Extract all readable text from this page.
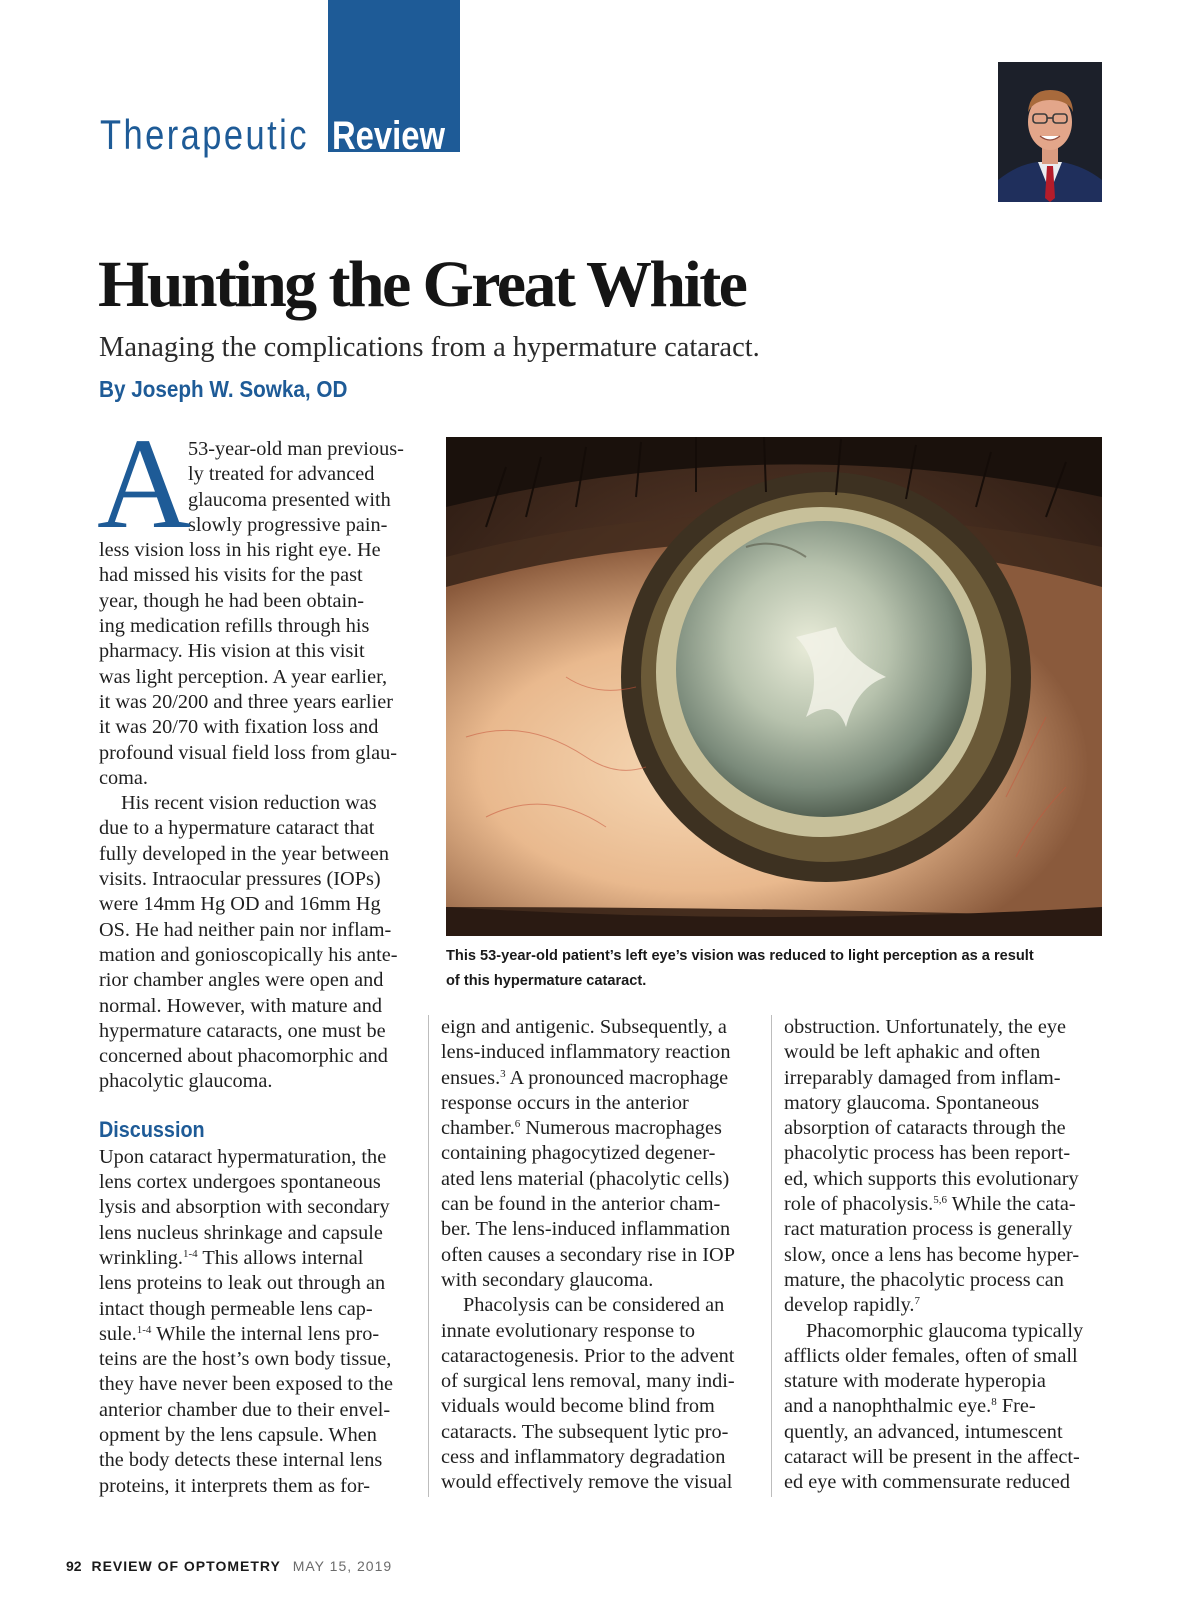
Therapeutic Review
Hunting the Great White
Managing the complications from a hypermature cataract.
By Joseph W. Sowka, OD
This 53-year-old patient’s left eye’s vision was reduced to light perception as a result
of this hypermature cataract.
A
53-year-old man previous-
ly treated for advanced
glaucoma presented with
slowly progressive pain-

less vision loss in his right eye. He
had missed his visits for the past
year, though he had been obtain-
ing medication refills through his
pharmacy. His vision at this visit
was light perception. A year earlier,
it was 20/200 and three years earlier
it was 20/70 with fixation loss and
profound visual field loss from glau-
coma.

His recent vision reduction was
due to a hypermature cataract that
fully developed in the year between
visits. Intraocular pressures (IOPs)
were 14mm Hg OD and 16mm Hg
OS. He had neither pain nor inflam-
mation and gonioscopically his ante-
rior chamber angles were open and
normal. However, with mature and
hypermature cataracts, one must be
concerned about phacomorphic and
phacolytic glaucoma.

Discussion

Upon cataract hypermaturation, the
lens cortex undergoes spontaneous
lysis and absorption with secondary
lens nucleus shrinkage and capsule
wrinkling.$^{1-4}$ This allows internal
lens proteins to leak out through an
intact though permeable lens cap-
sule.$^{1-4}$ While the internal lens pro-
teins are the host’s own body tissue,
they have never been exposed to the
anterior chamber due to their envel-
opment by the lens capsule. When
the body detects these internal lens
proteins, it interprets them as for-

eign and antigenic. Subsequently, a
lens-induced inflammatory reaction
ensues.$^3$ A pronounced macrophage
response occurs in the anterior
chamber.$^6$ Numerous macrophages
containing phagocytized degener-
ated lens material (phacolytic cells)
can be found in the anterior cham-
ber. The lens-induced inflammation
often causes a secondary rise in IOP
with secondary glaucoma.

Phacolysis can be considered an
innate evolutionary response to
cataractogenesis. Prior to the advent
of surgical lens removal, many indi-
viduals would become blind from
cataracts. The subsequent lytic pro-
cess and inflammatory degradation
would effectively remove the visual

obstruction. Unfortunately, the eye
would be left aphakic and often
irreparably damaged from inflam-
matory glaucoma. Spontaneous
absorption of cataracts through the
phacolytic process has been report-
ed, which supports this evolutionary
role of phacolysis.$^{5,6}$ While the cata-
ract maturation process is generally
slow, once a lens has become hyper-
mature, the phacolytic process can
develop rapidly.$^7$

Phacomorphic glaucoma typically
afflicts older females, often of small
stature with moderate hyperopia
and a nanophthalmic eye.$^8$ Fre-
quently, an advanced, intumescent
cataract will be present in the affect-
ed eye with commensurate reduced

92 REVIEW OF OPTOMETRY MAY 15, 2019
